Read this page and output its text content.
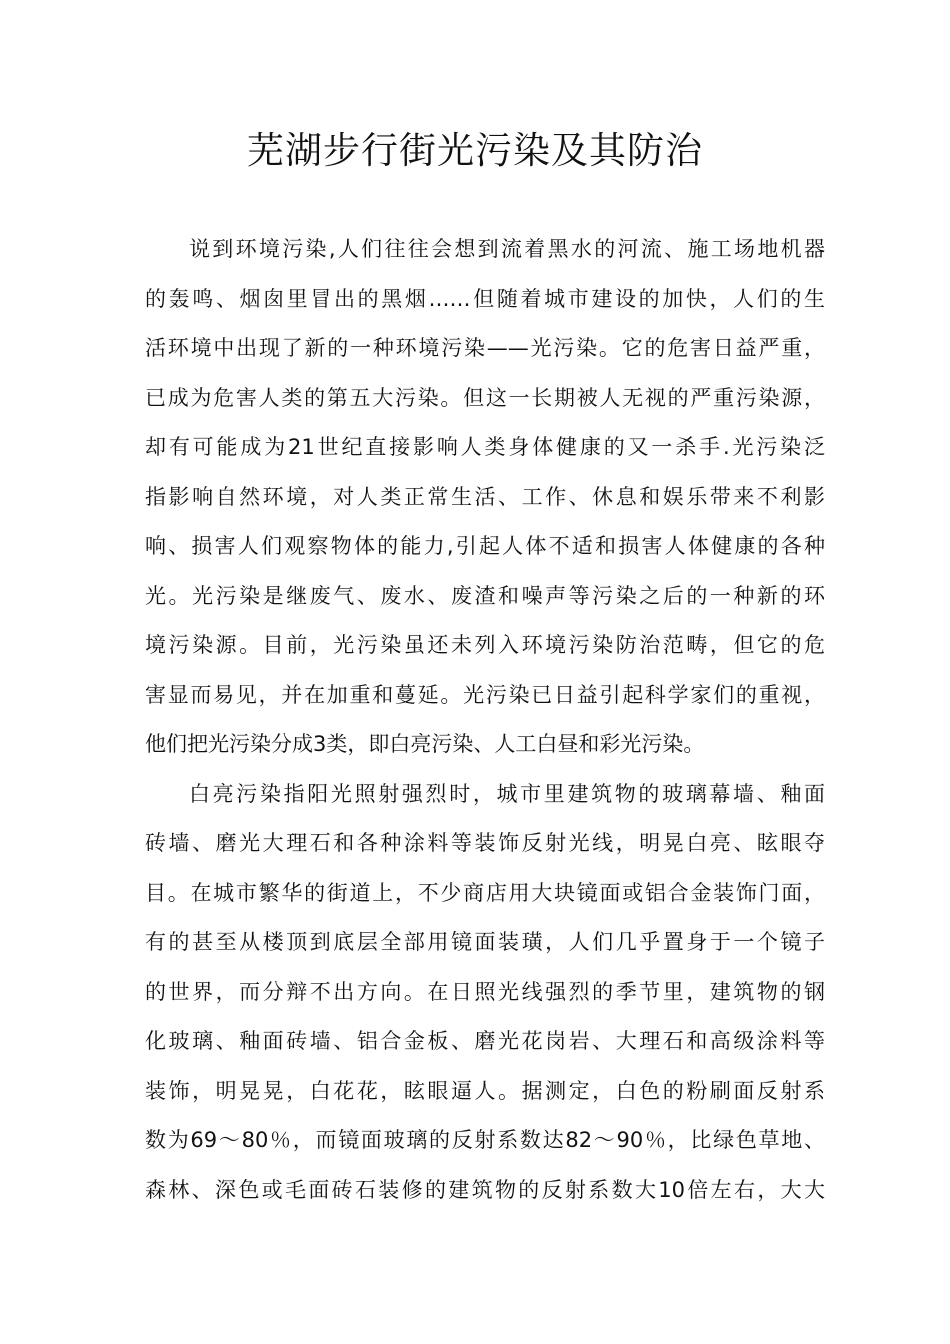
芜湖步行街光污染及其防治

说到环境污染,人们往往会想到流着黑水的河流、施工场地机器
的轰鸣、烟囱里冒出的黑烟……但随着城市建设的加快，人们的生
活环境中出现了新的一种环境污染——光污染。它的危害日益严重，
已成为危害人类的第五大污染。但这一长期被人无视的严重污染源，
却有可能成为21世纪直接影响人类身体健康的又一杀手.光污染泛
指影响自然环境，对人类正常生活、工作、休息和娱乐带来不利影
响、损害人们观察物体的能力,引起人体不适和损害人体健康的各种
光。光污染是继废气、废水、废渣和噪声等污染之后的一种新的环
境污染源。目前，光污染虽还未列入环境污染防治范畴，但它的危
害显而易见，并在加重和蔓延。光污染已日益引起科学家们的重视，
他们把光污染分成3类，即白亮污染、人工白昼和彩光污染。

白亮污染指阳光照射强烈时，城市里建筑物的玻璃幕墙、釉面
砖墙、磨光大理石和各种涂料等装饰反射光线，明晃白亮、眩眼夺
目。在城市繁华的街道上，不少商店用大块镜面或铝合金装饰门面，
有的甚至从楼顶到底层全部用镜面装璜，人们几乎置身于一个镜子
的世界，而分辩不出方向。在日照光线强烈的季节里，建筑物的钢
化玻璃、釉面砖墙、铝合金板、磨光花岗岩、大理石和高级涂料等
装饰，明晃晃，白花花，眩眼逼人。据测定，白色的粉刷面反射系
数为69～80％，而镜面玻璃的反射系数达82～90％，比绿色草地、
森林、深色或毛面砖石装修的建筑物的反射系数大10倍左右，大大
